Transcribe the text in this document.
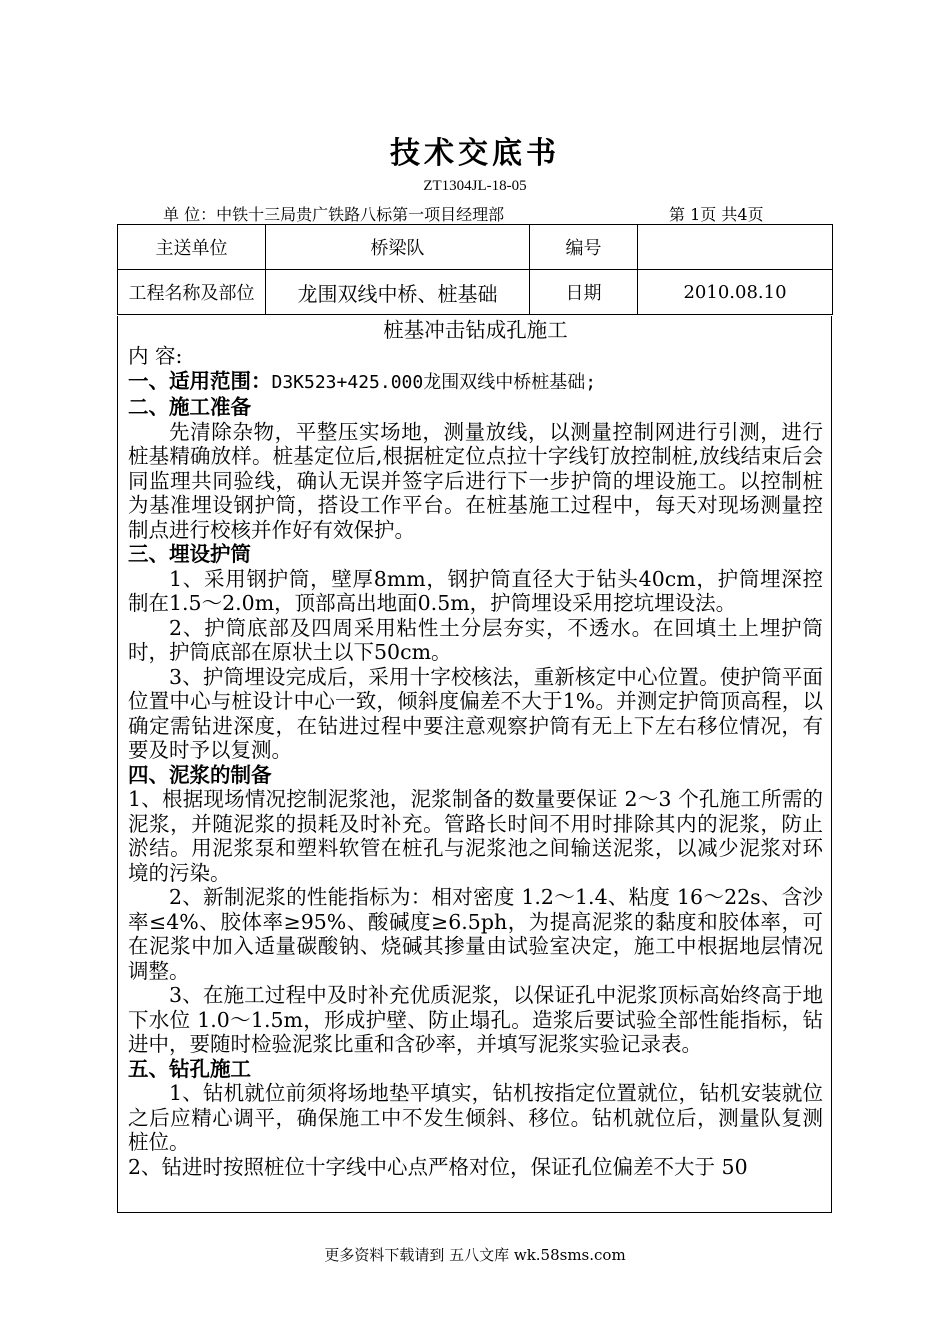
技术交底书
ZT1304JL-18-05
单 位：中铁十三局贵广铁路八标第一项目经理部	第 1页 共4页
主送单位	桥梁队	编号	
工程名称及部位	龙围双线中桥、桩基础	日期	2010.08.10
桩基冲击钻成孔施工

内 容:

一、适用范围：D3K523+425.000龙围双线中桥桩基础;

二、施工准备

先清除杂物，平整压实场地，测量放线，以测量控制网进行引测，进行桩基精确放样。桩基定位后,根据桩定位点拉十字线钉放控制桩,放线结束后会同监理共同验线，确认无误并签字后进行下一步护筒的埋设施工。以控制桩为基准埋设钢护筒，搭设工作平台。在桩基施工过程中，每天对现场测量控制点进行校核并作好有效保护。

三、埋设护筒

1、采用钢护筒，壁厚8mm，钢护筒直径大于钻头40cm，护筒埋深控制在1.5～2.0m，顶部高出地面0.5m，护筒埋设采用挖坑埋设法。

2、护筒底部及四周采用粘性土分层夯实，不透水。在回填土上埋护筒时，护筒底部在原状土以下50cm。

3、护筒埋设完成后，采用十字校核法，重新核定中心位置。使护筒平面位置中心与桩设计中心一致，倾斜度偏差不大于1%。并测定护筒顶高程，以确定需钻进深度，在钻进过程中要注意观察护筒有无上下左右移位情况，有要及时予以复测。

四、泥浆的制备

1、根据现场情况挖制泥浆池，泥浆制备的数量要保证 2～3 个孔施工所需的泥浆，并随泥浆的损耗及时补充。管路长时间不用时排除其内的泥浆，防止淤结。用泥浆泵和塑料软管在桩孔与泥浆池之间输送泥浆，以减少泥浆对环境的污染。

2、新制泥浆的性能指标为：相对密度 1.2～1.4、粘度 16～22s、含沙率≤4%、胶体率≥95%、酸碱度≥6.5ph，为提高泥浆的黏度和胶体率，可在泥浆中加入适量碳酸钠、烧碱其掺量由试验室决定，施工中根据地层情况调整。

3、在施工过程中及时补充优质泥浆，以保证孔中泥浆顶标高始终高于地下水位 1.0～1.5m，形成护壁、防止塌孔。造浆后要试验全部性能指标，钻进中，要随时检验泥浆比重和含砂率，并填写泥浆实验记录表。

五、钻孔施工

1、钻机就位前须将场地垫平填实，钻机按指定位置就位，钻机安装就位之后应精心调平，确保施工中不发生倾斜、移位。钻机就位后，测量队复测桩位。

2、钻进时按照桩位十字线中心点严格对位，保证孔位偏差不大于 50

更多资料下载请到 五八文库 wk.58sms.com
